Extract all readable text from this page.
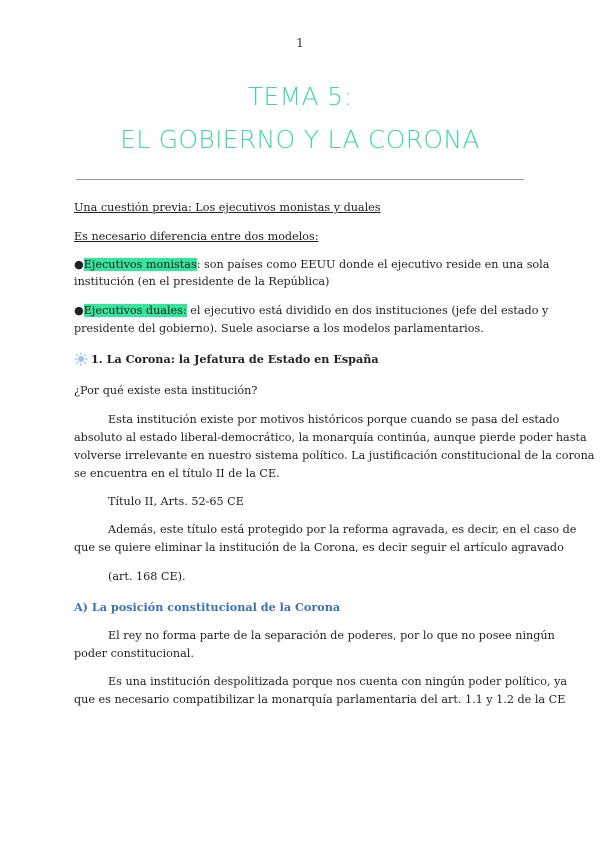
1
TEMA 5:
EL GOBIERNO Y LA CORONA
Una cuestión previa: Los ejecutivos monistas y duales
Es necesario diferencia entre dos modelos:
●Ejecutivos monistas: son países como EEUU donde el ejecutivo reside en una sola
institución (en el presidente de la República)
●Ejecutivos duales: el ejecutivo está dividido en dos instituciones (jefe del estado y
presidente del gobierno). Suele asociarse a los modelos parlamentarios.
1. La Corona: la Jefatura de Estado en España
¿Por qué existe esta institución?
Esta institución existe por motivos históricos porque cuando se pasa del estado
absoluto al estado liberal-democrático, la monarquía continúa, aunque pierde poder hasta
volverse irrelevante en nuestro sistema político. La justificación constitucional de la corona
se encuentra en el título II de la CE.
Título II, Arts. 52-65 CE
Además, este título está protegido por la reforma agravada, es decir, en el caso de
que se quiere eliminar la institución de la Corona, es decir seguir el artículo agravado
(art. 168 CE).
A) La posición constitucional de la Corona
El rey no forma parte de la separación de poderes, por lo que no posee ningún
poder constitucional.
Es una institución despolitizada porque nos cuenta con ningún poder político, ya
que es necesario compatibilizar la monarquía parlamentaria del art. 1.1 y 1.2 de la CE
